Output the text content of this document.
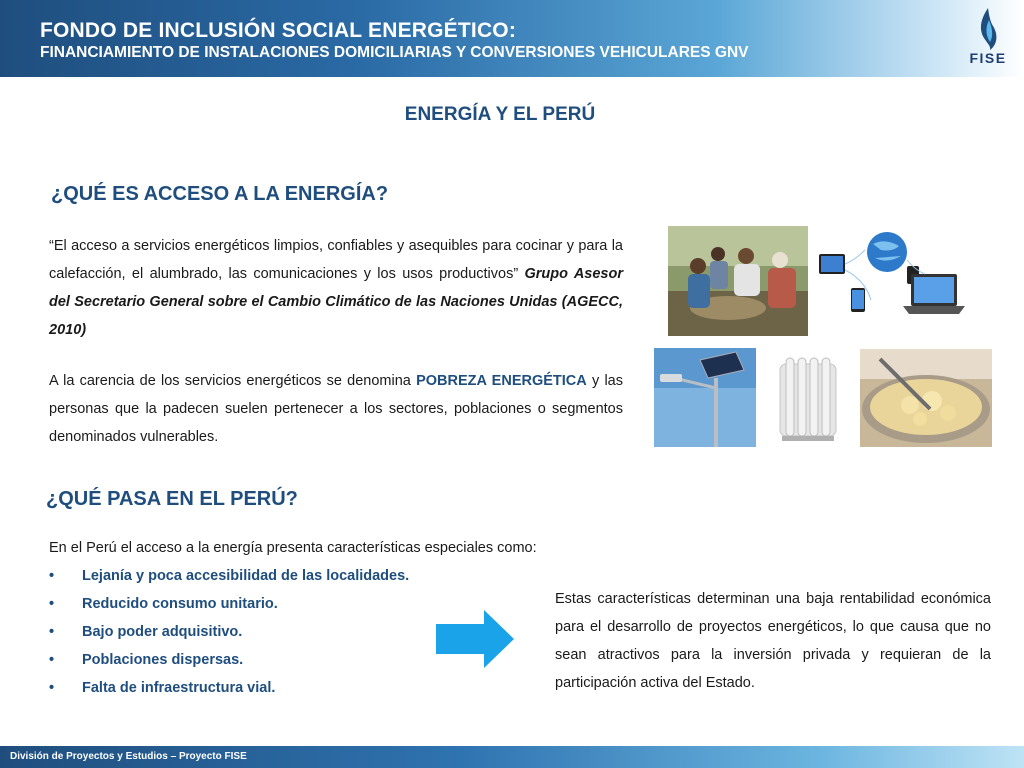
FONDO DE INCLUSIÓN SOCIAL ENERGÉTICO:
FINANCIAMIENTO DE INSTALACIONES DOMICILIARIAS Y CONVERSIONES VEHICULARES GNV	FISE
ENERGÍA Y EL PERÚ
¿QUÉ ES ACCESO A LA ENERGÍA?
“El acceso a servicios energéticos limpios, confiables y asequibles para cocinar y para la calefacción, el alumbrado, las comunicaciones y los usos productivos” Grupo Asesor del Secretario General sobre el Cambio Climático de las Naciones Unidas (AGECC, 2010)
A la carencia de los servicios energéticos se denomina POBREZA ENERGÉTICA y las personas que la padecen suelen pertenecer a los sectores, poblaciones o segmentos denominados vulnerables.
¿QUÉ PASA EN EL PERÚ?
En el Perú el acceso a la energía presenta características especiales como:
• Lejanía y poca accesibilidad de las localidades.
• Reducido consumo unitario.
• Bajo poder adquisitivo.
• Poblaciones dispersas.
• Falta de infraestructura vial.
Estas características determinan una baja rentabilidad económica para el desarrollo de proyectos energéticos, lo que causa que no sean atractivos para la inversión privada y requieran de la participación activa del Estado.
División de Proyectos y Estudios – Proyecto FISE
